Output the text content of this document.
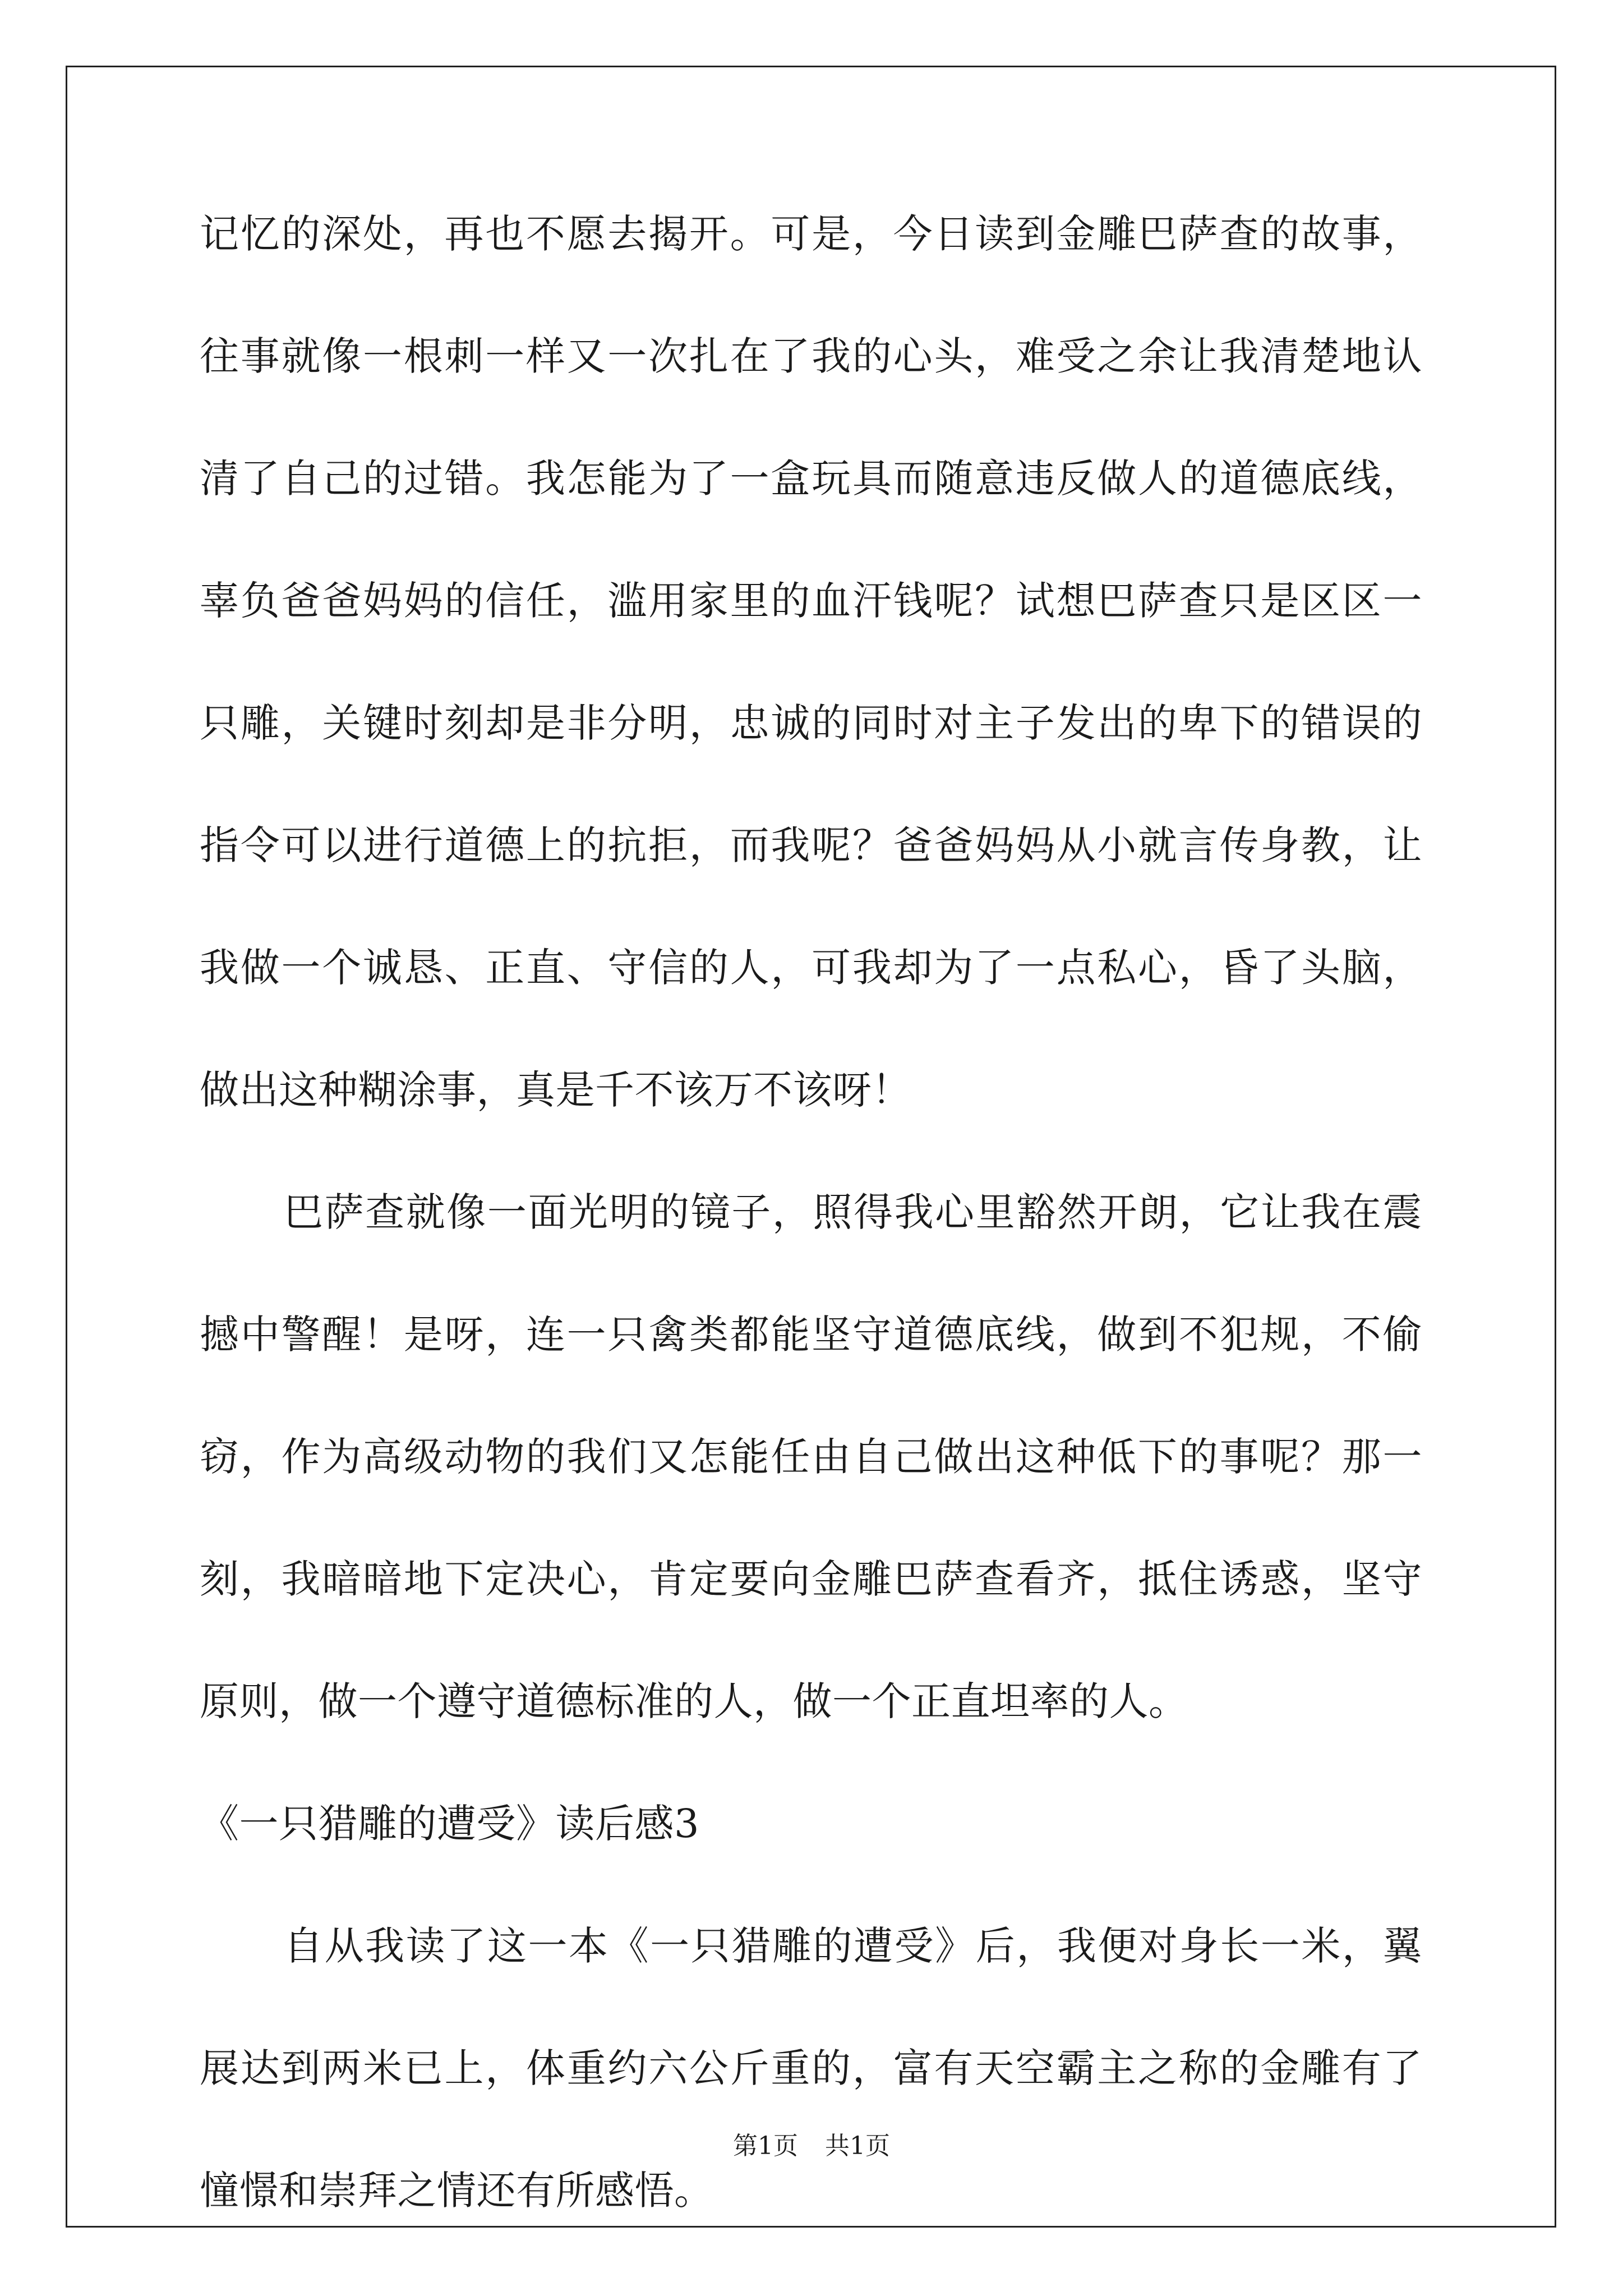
记忆的深处，再也不愿去揭开。可是，今日读到金雕巴萨查的故事，
往事就像一根刺一样又一次扎在了我的心头，难受之余让我清楚地认
清了自己的过错。我怎能为了一盒玩具而随意违反做人的道德底线，
辜负爸爸妈妈的信任，滥用家里的血汗钱呢？试想巴萨查只是区区一
只雕，关键时刻却是非分明，忠诚的同时对主子发出的卑下的错误的
指令可以进行道德上的抗拒，而我呢？爸爸妈妈从小就言传身教，让
我做一个诚恳、正直、守信的人，可我却为了一点私心，昏了头脑，
做出这种糊涂事，真是千不该万不该呀！
巴萨查就像一面光明的镜子，照得我心里豁然开朗，它让我在震
撼中警醒！是呀，连一只禽类都能坚守道德底线，做到不犯规，不偷
窃，作为高级动物的我们又怎能任由自己做出这种低下的事呢？那一
刻，我暗暗地下定决心，肯定要向金雕巴萨查看齐，抵住诱惑，坚守
原则，做一个遵守道德标准的人，做一个正直坦率的人。
《一只猎雕的遭受》读后感3
自从我读了这一本《一只猎雕的遭受》后，我便对身长一米，翼
展达到两米已上，体重约六公斤重的，富有天空霸主之称的金雕有了
憧憬和崇拜之情还有所感悟。
第1页 共1页
